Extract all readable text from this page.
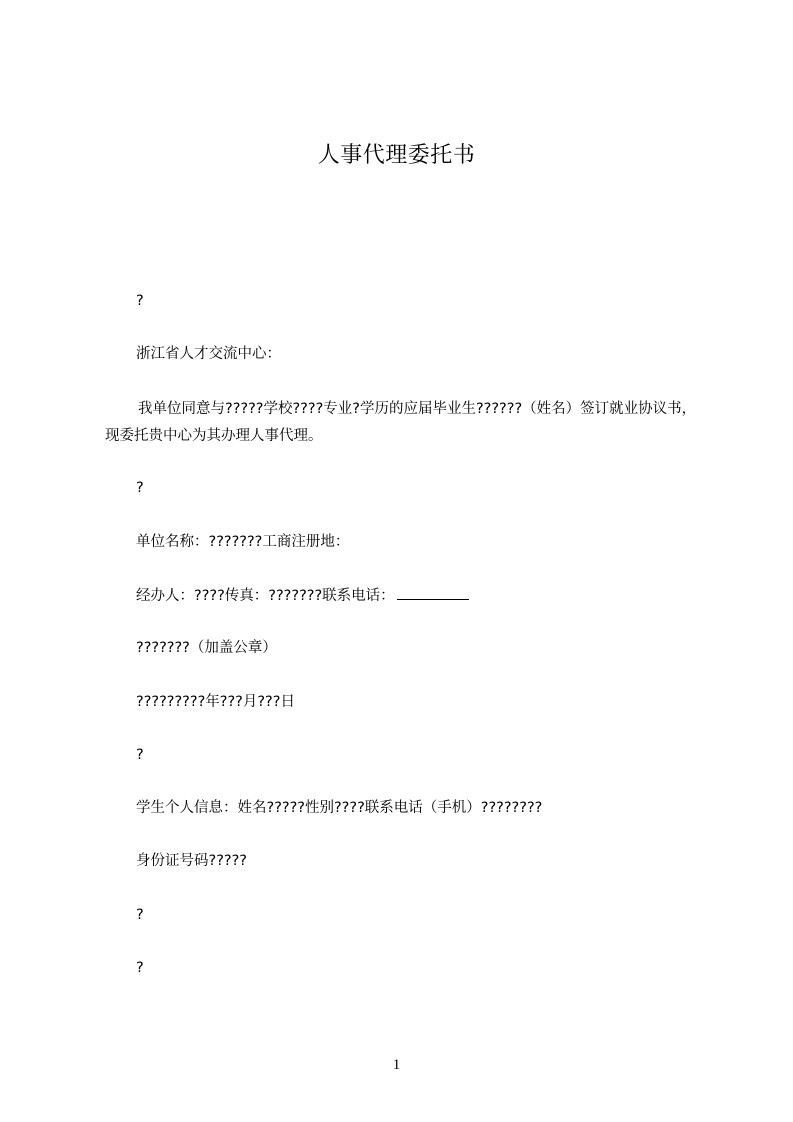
人事代理委托书
?
浙江省人才交流中心：
我单位同意与?????学校????专业?学历的应届毕业生??????（姓名）签订就业协议书，现委托贵中心为其办理人事代理。
?
单位名称：???????工商注册地：
经办人：????传真：???????联系电话：
???????（加盖公章）
?????????年???月???日
?
学生个人信息：姓名?????性别????联系电话（手机）????????
身份证号码?????
?
?
1
